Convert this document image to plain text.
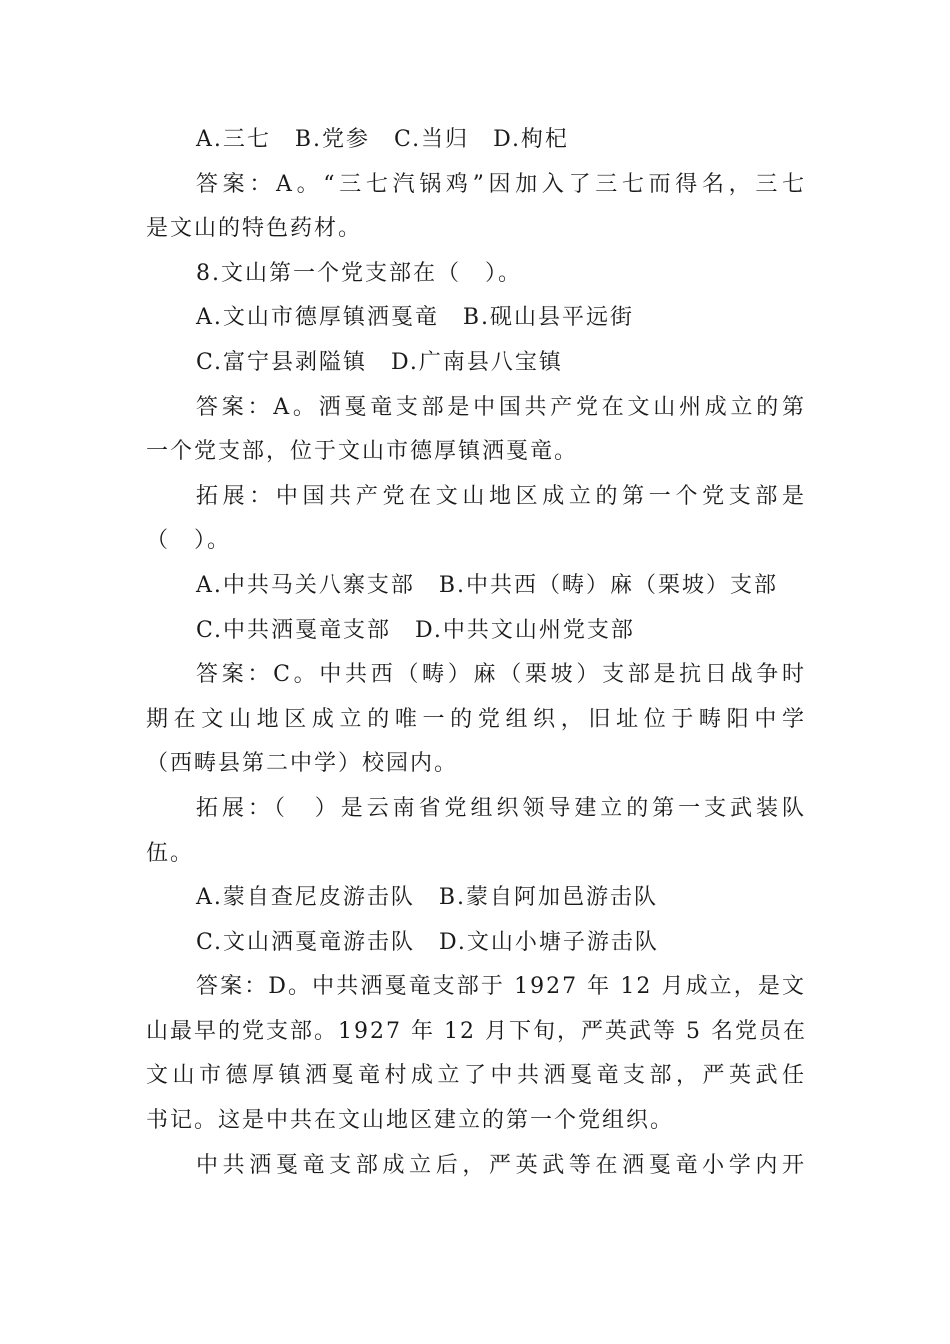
A.三七　B.党参　C.当归　D.枸杞
答案：A。“三七汽锅鸡”因加入了三七而得名，三七
是文山的特色药材。
8.文山第一个党支部在（　）。
A.文山市德厚镇洒戛竜　B.砚山县平远街
C.富宁县剥隘镇　D.广南县八宝镇
答案：A。洒戛竜支部是中国共产党在文山州成立的第
一个党支部，位于文山市德厚镇洒戛竜。
拓展：中国共产党在文山地区成立的第一个党支部是
（　）。
A.中共马关八寨支部　B.中共西（畴）麻（栗坡）支部
C.中共洒戛竜支部　D.中共文山州党支部
答案：C。中共西（畴）麻（栗坡）支部是抗日战争时
期在文山地区成立的唯一的党组织，旧址位于畴阳中学
（西畴县第二中学）校园内。
拓展：（　）是云南省党组织领导建立的第一支武装队
伍。
A.蒙自查尼皮游击队　B.蒙自阿加邑游击队
C.文山洒戛竜游击队　D.文山小塘子游击队
答案：D。中共洒戛竜支部于 1927 年 12 月成立，是文
山最早的党支部。1927 年 12 月下旬，严英武等 5 名党员在
文山市德厚镇洒戛竜村成立了中共洒戛竜支部，严英武任
书记。这是中共在文山地区建立的第一个党组织。
中共洒戛竜支部成立后，严英武等在洒戛竜小学内开
